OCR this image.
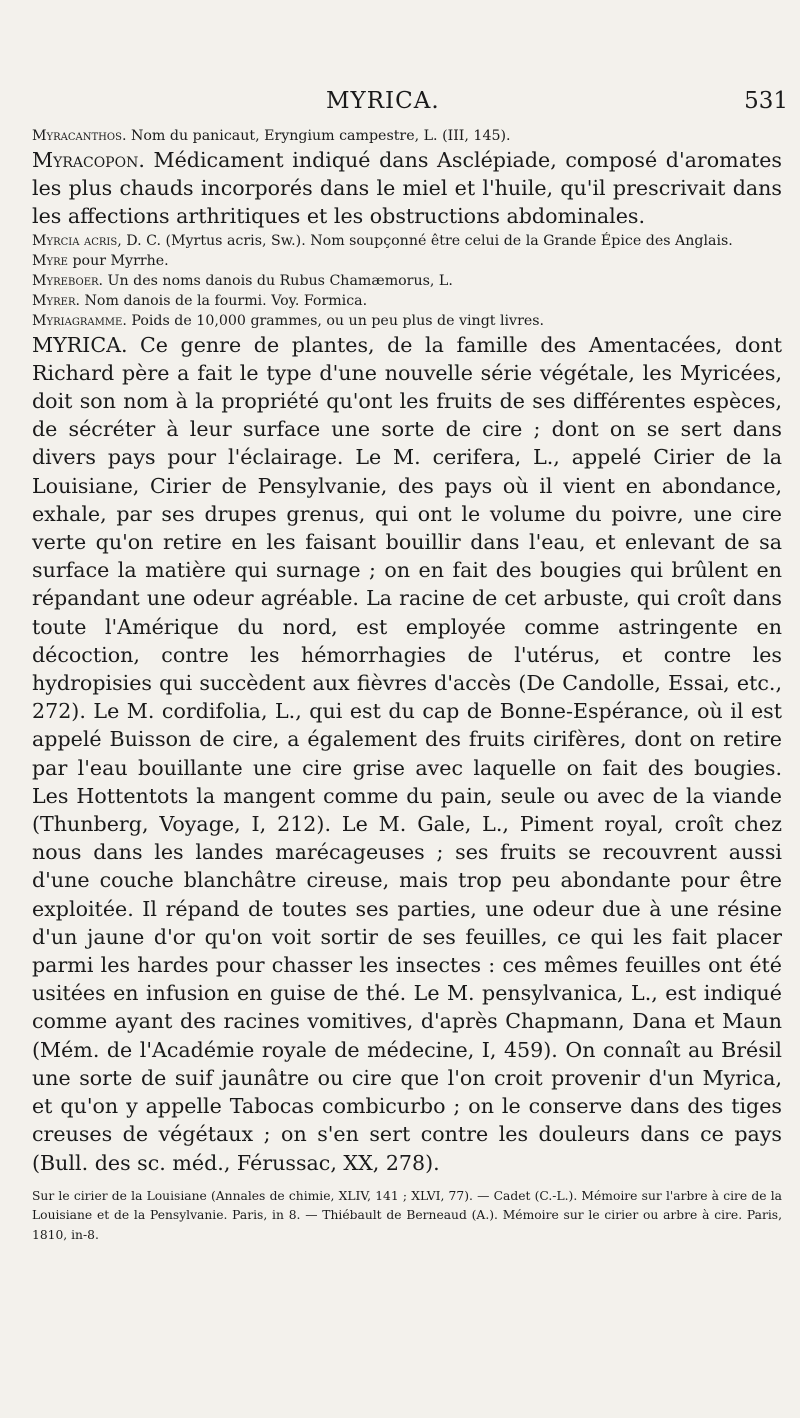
MYRICA.	531

Myracanthos. Nom du panicaut, Eryngium campestre, L. (III, 145).

Myracopon. Médicament indiqué dans Asclépiade, composé d'aromates les plus chauds incorporés dans le miel et l'huile, qu'il prescrivait dans les affections arthritiques et les obstructions abdominales.

Myrcia acris, D. C. (Myrtus acris, Sw.). Nom soupçonné être celui de la Grande Épice des Anglais.

Myre pour Myrrhe.

Myreboer. Un des noms danois du Rubus Chamæmorus, L.

Myrer. Nom danois de la fourmi. Voy. Formica.

Myriagramme. Poids de 10,000 grammes, ou un peu plus de vingt livres.

MYRICA. Ce genre de plantes, de la famille des Amentacées, dont Richard père a fait le type d'une nouvelle série végétale, les Myricées, doit son nom à la propriété qu'ont les fruits de ses différentes espèces, de sécréter à leur surface une sorte de cire ; dont on se sert dans divers pays pour l'éclairage. Le M. cerifera, L., appelé Cirier de la Louisiane, Cirier de Pensylvanie, des pays où il vient en abondance, exhale, par ses drupes grenus, qui ont le volume du poivre, une cire verte qu'on retire en les faisant bouillir dans l'eau, et enlevant de sa surface la matière qui surnage ; on en fait des bougies qui brûlent en répandant une odeur agréable. La racine de cet arbuste, qui croît dans toute l'Amérique du nord, est employée comme astringente en décoction, contre les hémorrhagies de l'utérus, et contre les hydropisies qui succèdent aux fièvres d'accès (De Candolle, Essai, etc., 272). Le M. cordifolia, L., qui est du cap de Bonne-Espérance, où il est appelé Buisson de cire, a également des fruits cirifères, dont on retire par l'eau bouillante une cire grise avec laquelle on fait des bougies. Les Hottentots la mangent comme du pain, seule ou avec de la viande (Thunberg, Voyage, I, 212). Le M. Gale, L., Piment royal, croît chez nous dans les landes marécageuses ; ses fruits se recouvrent aussi d'une couche blanchâtre cireuse, mais trop peu abondante pour être exploitée. Il répand de toutes ses parties, une odeur due à une résine d'un jaune d'or qu'on voit sortir de ses feuilles, ce qui les fait placer parmi les hardes pour chasser les insectes : ces mêmes feuilles ont été usitées en infusion en guise de thé. Le M. pensylvanica, L., est indiqué comme ayant des racines vomitives, d'après Chapmann, Dana et Maun (Mém. de l'Académie royale de médecine, I, 459). On connaît au Brésil une sorte de suif jaunâtre ou cire que l'on croit provenir d'un Myrica, et qu'on y appelle Tabocas combicurbo ; on le conserve dans des tiges creuses de végétaux ; on s'en sert contre les douleurs dans ce pays (Bull. des sc. méd., Férussac, XX, 278).

Sur le cirier de la Louisiane (Annales de chimie, XLIV, 141 ; XLVI, 77). — Cadet (C.-L.). Mémoire sur l'arbre à cire de la Louisiane et de la Pensylvanie. Paris, in 8. — Thiébault de Berneaud (A.). Mémoire sur le cirier ou arbre à cire. Paris, 1810, in-8.
